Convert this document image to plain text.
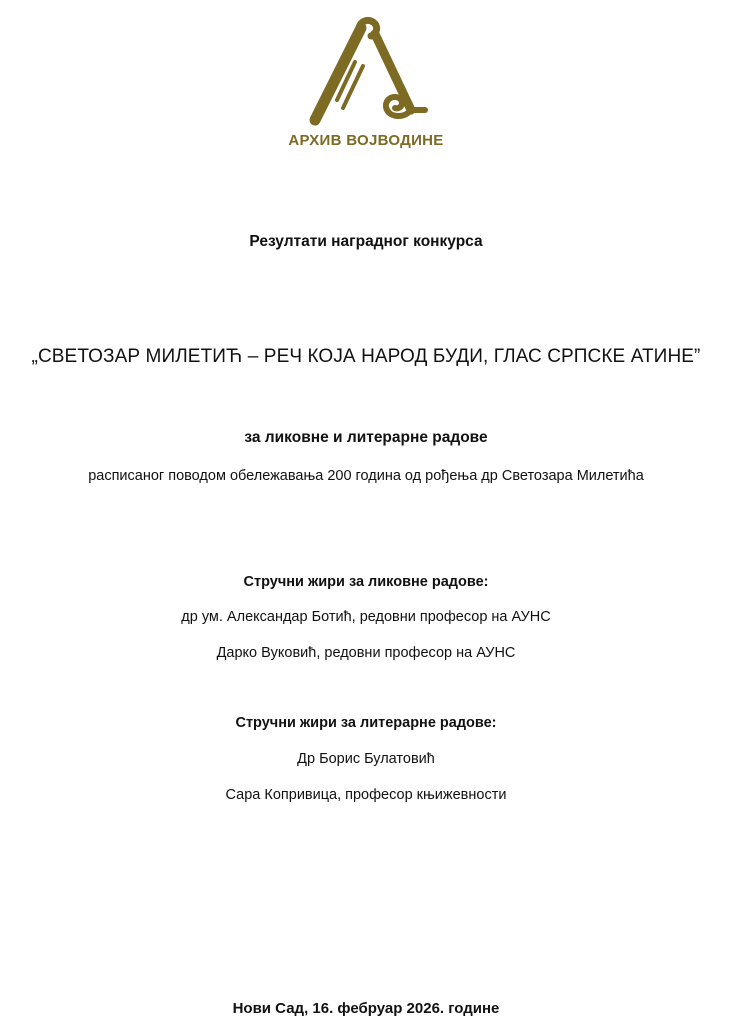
АРХИВ ВОЈВОДИНЕ
Резултати наградног конкурса
„СВЕТОЗАР МИЛЕТИЋ – РЕЧ КОЈА НАРОД БУДИ, ГЛАС СРПСКЕ АТИНЕ”
за ликовне и литерарне радове
расписаног поводом обележавања 200 година од рођења др Светозара Милетића
Стручни жири за ликовне радове:
др ум. Александар Ботић, редовни професор на АУНС
Дарко Вуковић, редовни професор на АУНС
Стручни жири за литерарне радове:
Др Борис Булатовић
Сара Копривица, професор књижевности
Нови Сад, 16. фебруар 2026. године
